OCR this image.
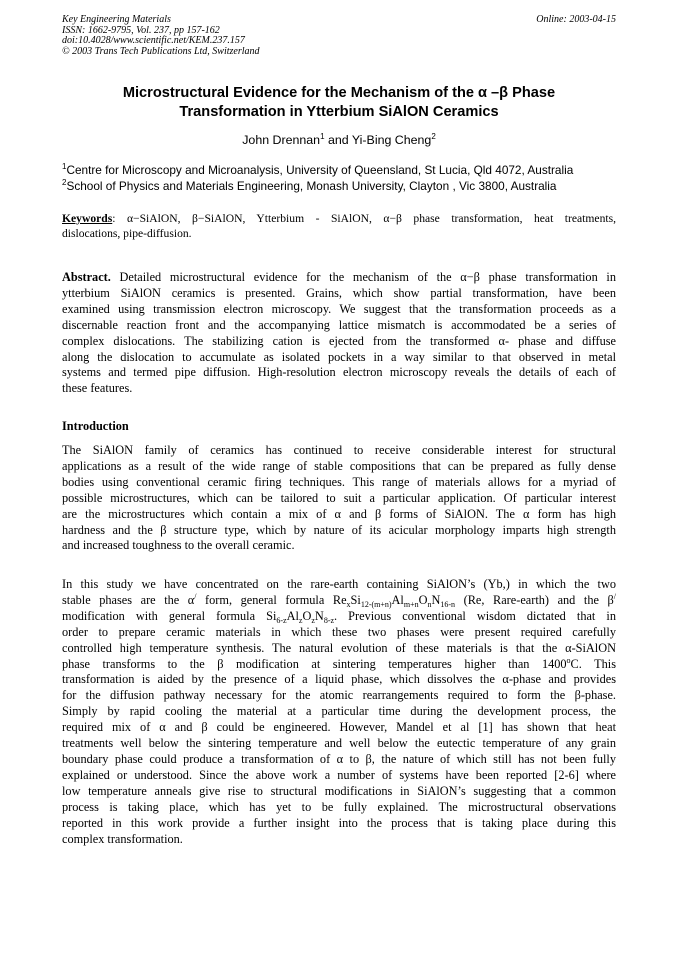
Key Engineering Materials
ISSN: 1662-9795, Vol. 237, pp 157-162
doi:10.4028/www.scientific.net/KEM.237.157
© 2003 Trans Tech Publications Ltd, Switzerland
Online: 2003-04-15
Microstructural Evidence for the Mechanism of the α –β Phase
Transformation in Ytterbium SiAlON Ceramics
John Drennan$^1$ and Yi-Bing Cheng$^2$
$^1$Centre for Microscopy and Microanalysis, University of Queensland, St Lucia, Qld 4072, Australia
$^2$School of Physics and Materials Engineering, Monash University, Clayton , Vic 3800, Australia
Keywords: α−SiAlON, β−SiAlON, Ytterbium - SiAlON, α−β phase transformation, heat treatments,
dislocations, pipe-diffusion.
Abstract. Detailed microstructural evidence for the mechanism of the α−β phase transformation in
ytterbium SiAlON ceramics is presented. Grains, which show partial transformation, have been
examined using transmission electron microscopy. We suggest that the transformation proceeds as a
discernable reaction front and the accompanying lattice mismatch is accommodated be a series of
complex dislocations. The stabilizing cation is ejected from the transformed α- phase and diffuse
along the dislocation to accumulate as isolated pockets in a way similar to that observed in metal
systems and termed pipe diffusion. High-resolution electron microscopy reveals the details of each of
these features.
Introduction
The SiAlON family of ceramics has continued to receive considerable interest for structural
applications as a result of the wide range of stable compositions that can be prepared as fully dense
bodies using conventional ceramic firing techniques. This range of materials allows for a myriad of
possible microstructures, which can be tailored to suit a particular application. Of particular interest
are the microstructures which contain a mix of α and β forms of SiAlON. The α form has high
hardness and the β structure type, which by nature of its acicular morphology imparts high strength
and increased toughness to the overall ceramic.
In this study we have concentrated on the rare-earth containing SiAlON’s (Yb,) in which the two
stable phases are the α/ form, general formula $Re_xSi_{12-(m+n)}Al_{m+n}O_nN_{16-n}$ (Re, Rare-earth) and the β/
modification with general formula $Si_{6-z}Al_zO_zN_{8-z}$. Previous conventional wisdom dictated that in
order to prepare ceramic materials in which these two phases were present required carefully
controlled high temperature synthesis. The natural evolution of these materials is that the α-SiAlON
phase transforms to the β modification at sintering temperatures higher than 1400$^o$C. This
transformation is aided by the presence of a liquid phase, which dissolves the α-phase and provides
for the diffusion pathway necessary for the atomic rearrangements required to form the β-phase.
Simply by rapid cooling the material at a particular time during the development process, the
required mix of α and β could be engineered. However, Mandel et al [1] has shown that heat
treatments well below the sintering temperature and well below the eutectic temperature of any grain
boundary phase could produce a transformation of α to β, the nature of which still has not been fully
explained or understood. Since the above work a number of systems have been reported [2-6] where
low temperature anneals give rise to structural modifications in SiAlON’s suggesting that a common
process is taking place, which has yet to be fully explained. The microstructural observations
reported in this work provide a further insight into the process that is taking place during this
complex transformation.
